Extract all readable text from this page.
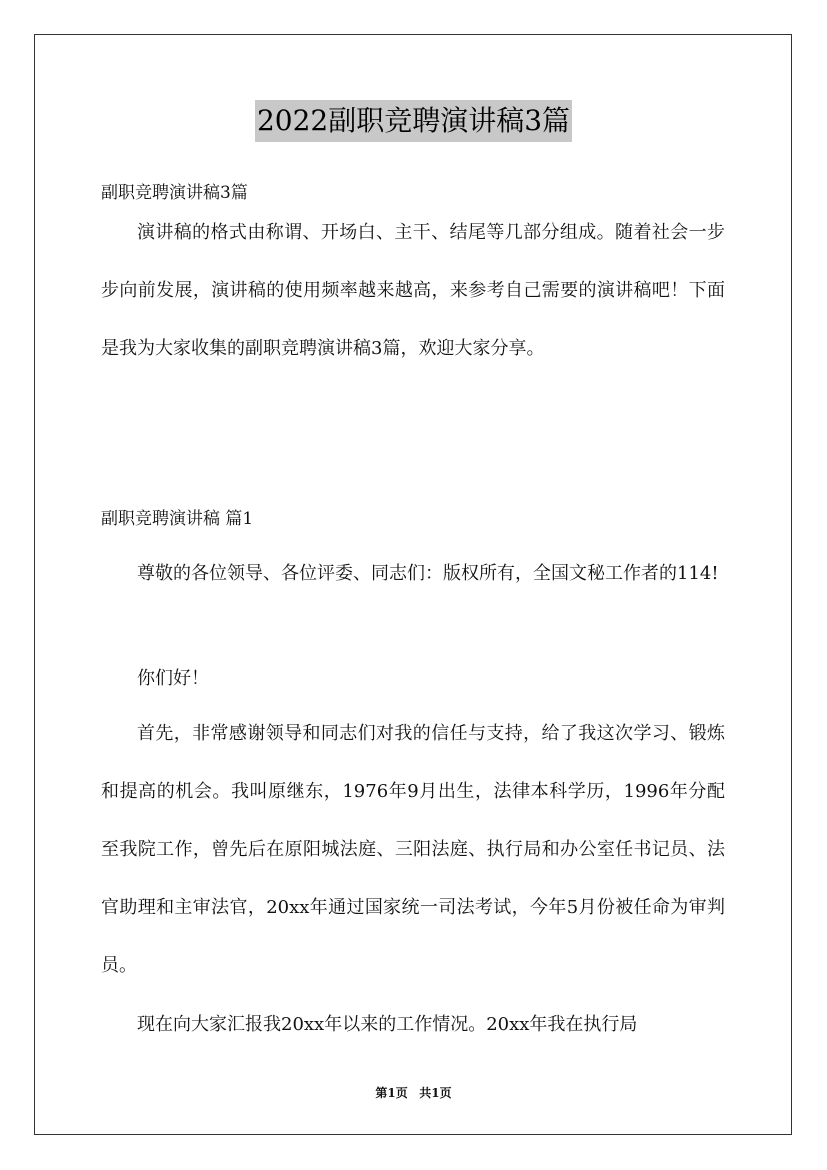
2022副职竞聘演讲稿3篇
副职竞聘演讲稿3篇

演讲稿的格式由称谓、开场白、主干、结尾等几部分组成。随着社会一步步向前发展，演讲稿的使用频率越来越高，来参考自己需要的演讲稿吧！下面是我为大家收集的副职竞聘演讲稿3篇，欢迎大家分享。

副职竞聘演讲稿 篇1

尊敬的各位领导、各位评委、同志们：版权所有，全国文秘工作者的114!

你们好！

首先，非常感谢领导和同志们对我的信任与支持，给了我这次学习、锻炼和提高的机会。我叫原继东，1976年9月出生，法律本科学历，1996年分配至我院工作，曾先后在原阳城法庭、三阳法庭、执行局和办公室任书记员、法官助理和主审法官，20xx年通过国家统一司法考试，今年5月份被任命为审判员。

现在向大家汇报我20xx年以来的工作情况。20xx年我在执行局

第1页 共1页
